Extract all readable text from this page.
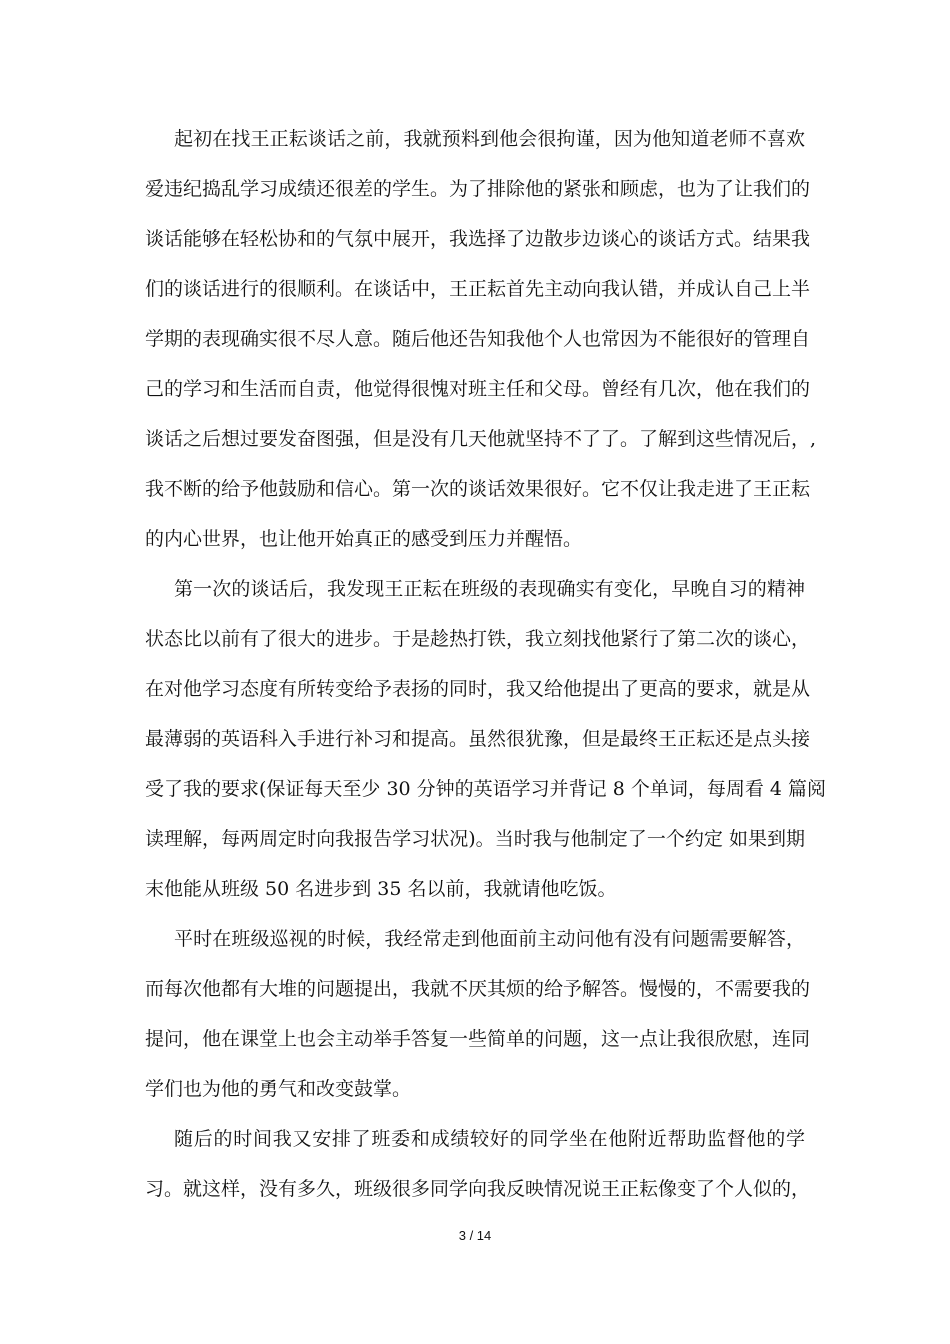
起初在找王正耘谈话之前，我就预料到他会很拘谨，因为他知道老师不喜欢
爱违纪捣乱学习成绩还很差的学生。为了排除他的紧张和顾虑，也为了让我们的
谈话能够在轻松协和的气氛中展开，我选择了边散步边谈心的谈话方式。结果我
们的谈话进行的很顺利。在谈话中，王正耘首先主动向我认错，并成认自己上半
学期的表现确实很不尽人意。随后他还告知我他个人也常因为不能很好的管理自
己的学习和生活而自责，他觉得很愧对班主任和父母。曾经有几次，他在我们的
谈话之后想过要发奋图强，但是没有几天他就坚持不了了。了解到这些情况后，,
我不断的给予他鼓励和信心。第一次的谈话效果很好。它不仅让我走进了王正耘
的内心世界，也让他开始真正的感受到压力并醒悟。
第一次的谈话后，我发现王正耘在班级的表现确实有变化，早晚自习的精神
状态比以前有了很大的进步。于是趁热打铁，我立刻找他紧行了第二次的谈心，
在对他学习态度有所转变给予表扬的同时，我又给他提出了更高的要求，就是从
最薄弱的英语科入手进行补习和提高。虽然很犹豫，但是最终王正耘还是点头接
受了我的要求(保证每天至少 30 分钟的英语学习并背记 8 个单词，每周看 4 篇阅
读理解，每两周定时向我报告学习状况)。当时我与他制定了一个约定 如果到期
末他能从班级 50 名进步到 35 名以前，我就请他吃饭。
平时在班级巡视的时候，我经常走到他面前主动问他有没有问题需要解答，
而每次他都有大堆的问题提出，我就不厌其烦的给予解答。慢慢的，不需要我的
提问，他在课堂上也会主动举手答复一些简单的问题，这一点让我很欣慰，连同
学们也为他的勇气和改变鼓掌。
随后的时间我又安排了班委和成绩较好的同学坐在他附近帮助监督他的学
习。就这样，没有多久，班级很多同学向我反映情况说王正耘像变了个人似的，
3 / 14
